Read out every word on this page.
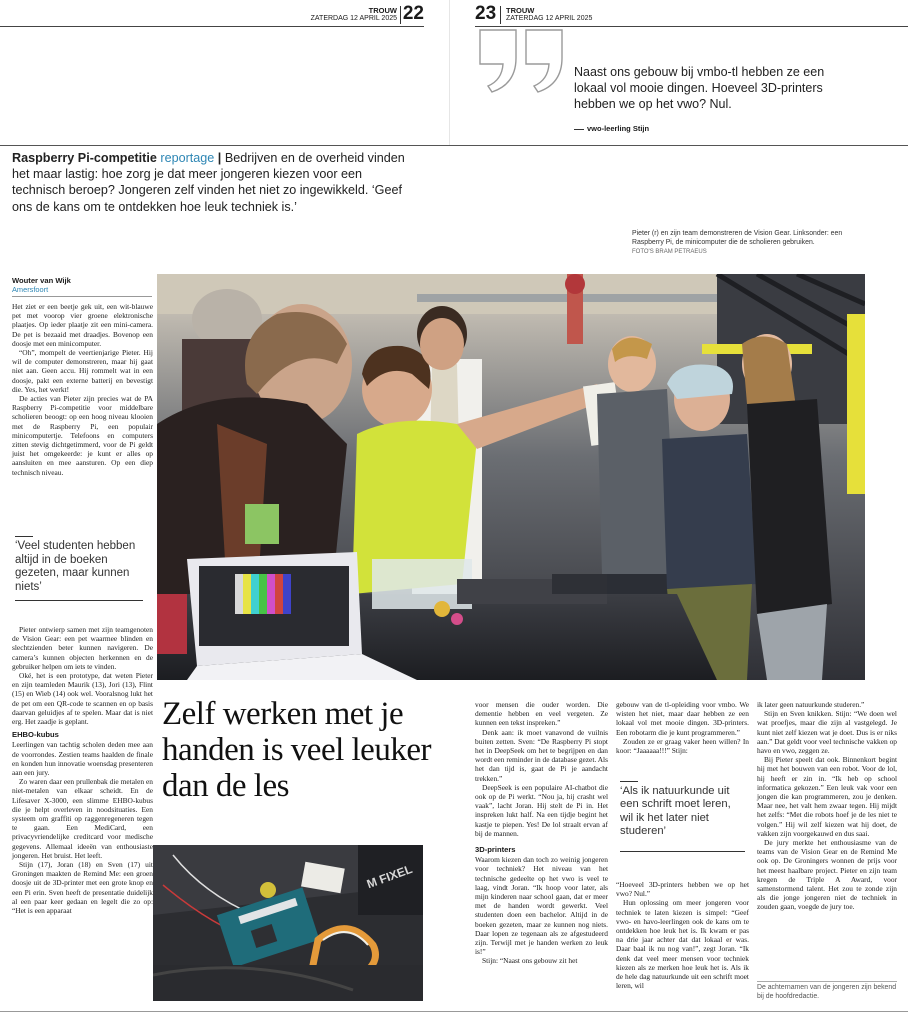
TROUW
ZATERDAG 12 APRIL 2025 22	23 TROUW
ZATERDAG 12 APRIL 2025
Naast ons gebouw bij vmbo-tl hebben ze een lokaal vol mooie dingen. Hoeveel 3D-printers hebben we op het vwo? Nul.
vwo-leerling Stijn
Raspberry Pi-competitie reportage | Bedrijven en de overheid vinden het maar lastig: hoe zorg je dat meer jongeren kiezen voor een technisch beroep? Jongeren zelf vinden het niet zo ingewikkeld. ‘Geef ons de kans om te ontdekken hoe leuk techniek is.’
Pieter (r) en zijn team demonstreren de Vision Gear. Linksonder: een Raspberry Pi, de minicomputer die de scholieren gebruiken.
FOTO'S BRAM PETRAEUS
Wouter van Wijk
Amersfoort

Het ziet er een beetje gek uit, een wit-blauwe pet met voorop vier groene elektronische plaatjes. Op ieder plaatje zit een mini-camera. De pet is bezaaid met draadjes. Bovenop een doosje met een minicomputer.

“Oh”, mompelt de veertienjarige Pieter. Hij wil de computer demonstreren, maar hij gaat niet aan. Geen accu. Hij rommelt wat in een doosje, pakt een externe batterij en bevestigt die. Yes, het werkt!

De acties van Pieter zijn precies wat de PA Raspberry Pi-competitie voor middelbare scholieren beoogt: op een hoog niveau klooien met de Raspberry Pi, een populair minicomputertje. Telefoons en computers zitten stevig dichtgetimmerd, voor de Pi geldt juist het omgekeerde: je kunt er alles op aansluiten en mee aansturen. Op een diep technisch niveau.

‘Veel studenten hebben altijd in de boeken gezeten, maar kunnen niets’

Pieter ontwierp samen met zijn teamgenoten de Vision Gear: een pet waarmee blinden en slechtzienden beter kunnen navigeren. De camera’s kunnen objecten herkennen en de gebruiker helpen om iets te vinden.

Oké, het is een prototype, dat weten Pieter en zijn teamleden Maurik (13), Jori (13), Flint (15) en Wieb (14) ook wel. Vooralsnog lukt het de pet om een QR-code te scannen en op basis daarvan geluidjes af te spelen. Maar dat is niet erg. Het zaadje is geplant.

EHBO-kubus

Leerlingen van tachtig scholen deden mee aan de voorrondes. Zestien teams haalden de finale en konden hun innovatie woensdag presenteren aan een jury.

Zo waren daar een prullenbak die metalen en niet-metalen van elkaar scheidt. En de Lifesaver X-3000, een slimme EHBO-kubus die je helpt overleven in noodsituaties. Een systeem om graffiti op raggenregeneren tegen te gaan. Een MediCard, een privacyvriendelijke creditcard voor medische gegevens. Allemaal ideeën van enthousiaste jongeren. Het bruist. Het leeft.

Stijn (17), Joran (18) en Sven (17) uit Groningen maakten de Remind Me: een groen doosje uit de 3D-printer met een grote knop en een Pi erin. Sven heeft de presentatie duidelijk al een paar keer gedaan en legelt die zo op: “Het is een apparaat

Zelf werken met je handen is veel leuker dan de les
M FIXEL

voor mensen die ouder worden. Die dementie hebben en veel vergeten. Ze kunnen een tekst inspreken.”

Denk aan: ik moet vanavond de vuilnis buiten zetten. Sven: “De Raspberry Pi stopt het in DeepSeek om het te begrijpen en dan wordt een reminder in de database gezet. Als het dan tijd is, gaat de Pi je aandacht trekken.”

DeepSeek is een populaire AI-chatbot die ook op de Pi werkt. “Nou ja, hij crasht wel vaak”, lacht Joran. Hij stelt de Pi in. Het inspreken lukt half. Na een tijdje begint het kastje te piepen. Yes! De lol straalt ervan af bij de mannen.

3D-printers

Waarom kiezen dan toch zo weinig jongeren voor techniek? Het niveau van het technische gedeelte op het vwo is veel te laag, vindt Joran. “Ik hoop voor later, als mijn kinderen naar school gaan, dat er meer met de handen wordt gewerkt. Veel studenten doen een bachelor. Altijd in de boeken gezeten, maar ze kunnen nog niets. Daar lopen ze tegenaan als ze afgestudeerd zijn. Terwijl met je handen werken zo leuk is!”

Stijn: “Naast ons gebouw zit het

gebouw van de tl-opleiding voor vmbo. We wisten het niet, maar daar hebben ze een lokaal vol met mooie dingen. 3D-printers. Een robotarm die je kunt programmeren.”

Zouden ze er graag vaker heen willen? In koor: “Jaaaaaa!!!” Stijn:

‘Als ik natuurkunde uit een schrift moet leren, wil ik het later niet studeren’

“Hoeveel 3D-printers hebben we op het vwo? Nul.”

Hun oplossing om meer jongeren voor techniek te laten kiezen is simpel: “Geef vwo- en havo-leerlingen ook de kans om te ontdekken hoe leuk het is. Ik kwam er pas na drie jaar achter dat dat lokaal er was. Daar baal ik nu nog van!”, zegt Joran. “Ik denk dat veel meer mensen voor techniek kiezen als ze merken hoe leuk het is. Als ik de hele dag natuurkunde uit een schrift moet leren, wil

ik later geen natuurkunde studeren.”

Stijn en Sven knikken. Stijn: “We doen wel wat proefjes, maar die zijn al vastgelegd. Je kunt niet zelf kiezen wat je doet. Dus is er niks aan.” Dat geldt voor veel technische vakken op havo en vwo, zeggen ze.

Bij Pieter speelt dat ook. Binnenkort begint hij met het bouwen van een robot. Voor de lol, hij heeft er zin in. “Ik heb op school informatica gekozen.” Een leuk vak voor een jongen die kan programmeren, zou je denken. Maar nee, het valt hem zwaar tegen. Hij mijdt het zelfs: “Met die robots hoef je de les niet te volgen.” Hij wil zelf kiezen wat hij doet, de vakken zijn voorgekauwd en dus saai.

De jury merkte het enthousiasme van de teams van de Vision Gear en de Remind Me ook op. De Groningers wonnen de prijs voor het meest haalbare project. Pieter en zijn team kregen de Triple A Award, voor samenstormend talent. Het zou te zonde zijn als die jonge jongeren niet de techniek in zouden gaan, voegde de jury toe.

De achternamen van de jongeren zijn bekend bij de hoofdredactie.
